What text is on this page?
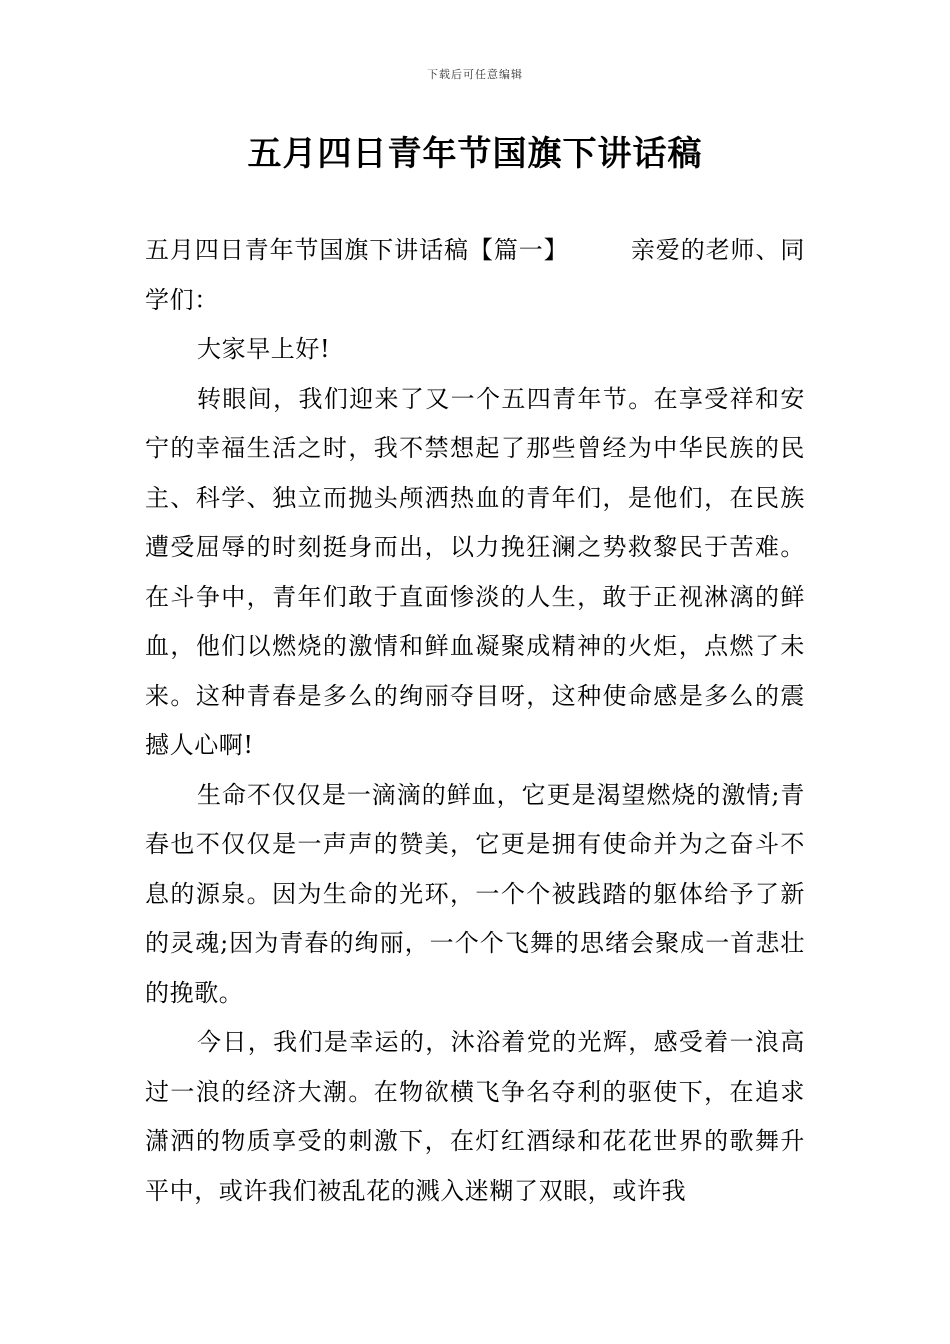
下载后可任意编辑
五月四日青年节国旗下讲话稿

五月四日青年节国旗下讲话稿【篇一】	亲爱的老师、同学们：

大家早上好!

转眼间，我们迎来了又一个五四青年节。在享受祥和安宁的幸福生活之时，我不禁想起了那些曾经为中华民族的民主、科学、独立而抛头颅洒热血的青年们，是他们，在民族遭受屈辱的时刻挺身而出，以力挽狂澜之势救黎民于苦难。在斗争中，青年们敢于直面惨淡的人生，敢于正视淋漓的鲜血，他们以燃烧的激情和鲜血凝聚成精神的火炬，点燃了未来。这种青春是多么的绚丽夺目呀，这种使命感是多么的震撼人心啊!

生命不仅仅是一滴滴的鲜血，它更是渴望燃烧的激情;青春也不仅仅是一声声的赞美，它更是拥有使命并为之奋斗不息的源泉。因为生命的光环，一个个被践踏的躯体给予了新的灵魂;因为青春的绚丽，一个个飞舞的思绪会聚成一首悲壮的挽歌。

今日，我们是幸运的，沐浴着党的光辉，感受着一浪高过一浪的经济大潮。在物欲横飞争名夺利的驱使下，在追求潇洒的物质享受的刺激下，在灯红酒绿和花花世界的歌舞升平中，或许我们被乱花的溅入迷糊了双眼，或许我
